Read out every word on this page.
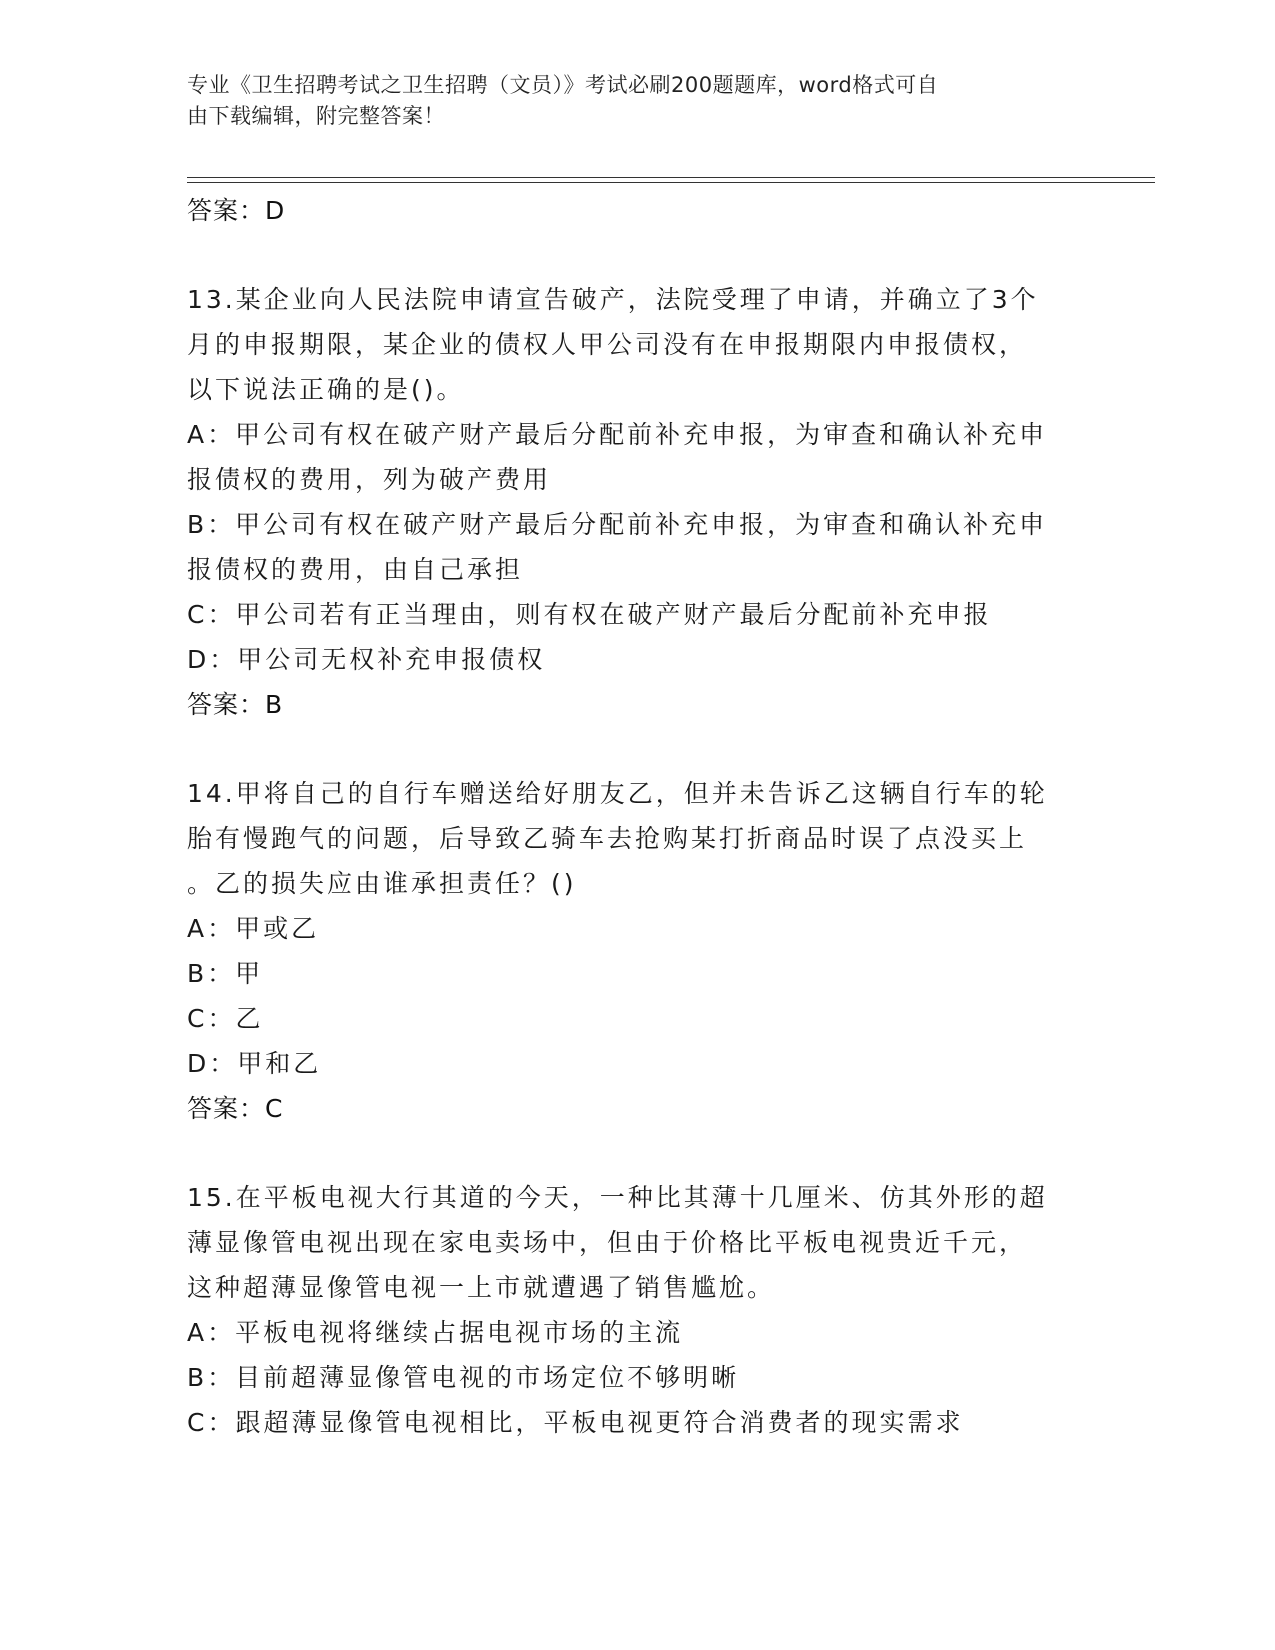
专业《卫生招聘考试之卫生招聘（文员）》考试必刷200题题库，word格式可自
由下载编辑，附完整答案！
答案：D
13.某企业向人民法院申请宣告破产，法院受理了申请，并确立了3个
月的申报期限，某企业的债权人甲公司没有在申报期限内申报债权，
以下说法正确的是()。
A：甲公司有权在破产财产最后分配前补充申报，为审查和确认补充申
报债权的费用，列为破产费用
B：甲公司有权在破产财产最后分配前补充申报，为审查和确认补充申
报债权的费用，由自己承担
C：甲公司若有正当理由，则有权在破产财产最后分配前补充申报
D：甲公司无权补充申报债权
答案：B
14.甲将自己的自行车赠送给好朋友乙，但并未告诉乙这辆自行车的轮
胎有慢跑气的问题，后导致乙骑车去抢购某打折商品时误了点没买上
。乙的损失应由谁承担责任？()
A：甲或乙
B：甲
C：乙
D：甲和乙
答案：C
15.在平板电视大行其道的今天，一种比其薄十几厘米、仿其外形的超
薄显像管电视出现在家电卖场中，但由于价格比平板电视贵近千元，
这种超薄显像管电视一上市就遭遇了销售尴尬。
A：平板电视将继续占据电视市场的主流
B：目前超薄显像管电视的市场定位不够明晰
C：跟超薄显像管电视相比，平板电视更符合消费者的现实需求
